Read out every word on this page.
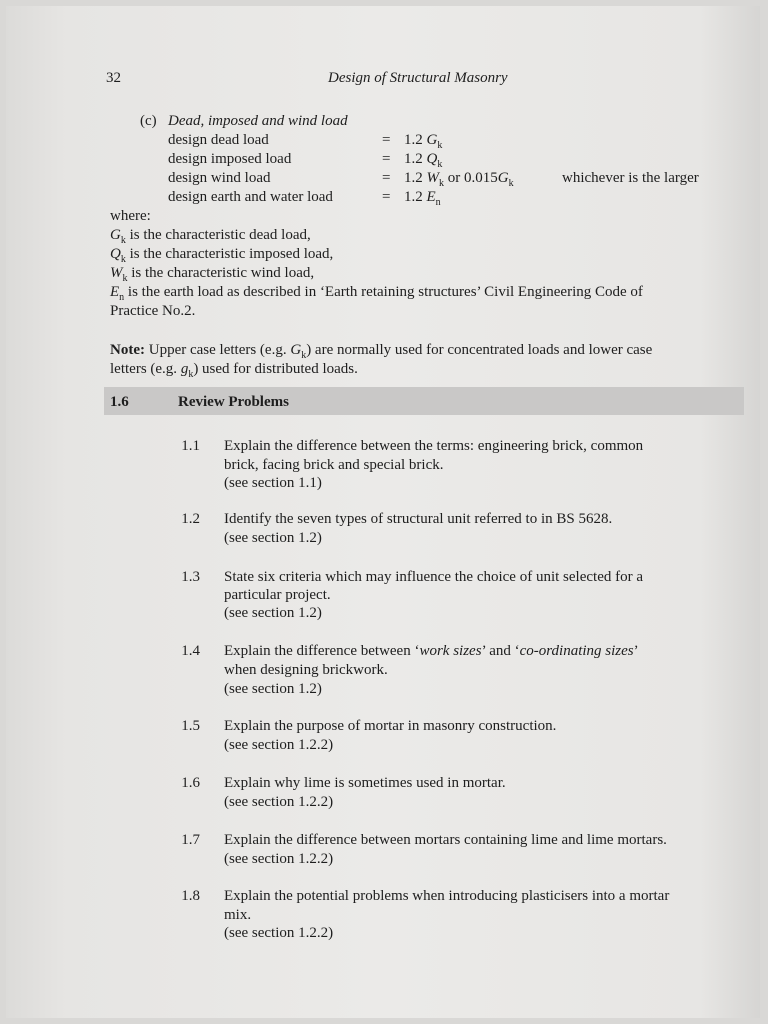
32	Design of Structural Masonry
(c) Dead, imposed and wind load
design dead load	= 1.2 $G_k$
design imposed load	= 1.2 $Q_k$
design wind load	= 1.2 $W_k$ or $0.015G_k$	whichever is the larger
design earth and water load	= 1.2 $E_n$
where:
$G_k$ is the characteristic dead load,
$Q_k$ is the characteristic imposed load,
$W_k$ is the characteristic wind load,
$E_n$ is the earth load as described in ‘Earth retaining structures’ Civil Engineering Code of
Practice No.2.
Note: Upper case letters (e.g. $G_k$) are normally used for concentrated loads and lower case
letters (e.g. $g_k$) used for distributed loads.
1.6	Review Problems
1.1 Explain the difference between the terms: engineering brick, common
brick, facing brick and special brick.
(see section 1.1)
1.2 Identify the seven types of structural unit referred to in BS 5628.
(see section 1.2)
1.3 State six criteria which may influence the choice of unit selected for a
particular project.
(see section 1.2)
1.4 Explain the difference between ‘work sizes’ and ‘co-ordinating sizes’
when designing brickwork.
(see section 1.2)
1.5 Explain the purpose of mortar in masonry construction.
(see section 1.2.2)
1.6 Explain why lime is sometimes used in mortar.
(see section 1.2.2)
1.7 Explain the difference between mortars containing lime and lime mortars.
(see section 1.2.2)
1.8 Explain the potential problems when introducing plasticisers into a mortar
mix.
(see section 1.2.2)
